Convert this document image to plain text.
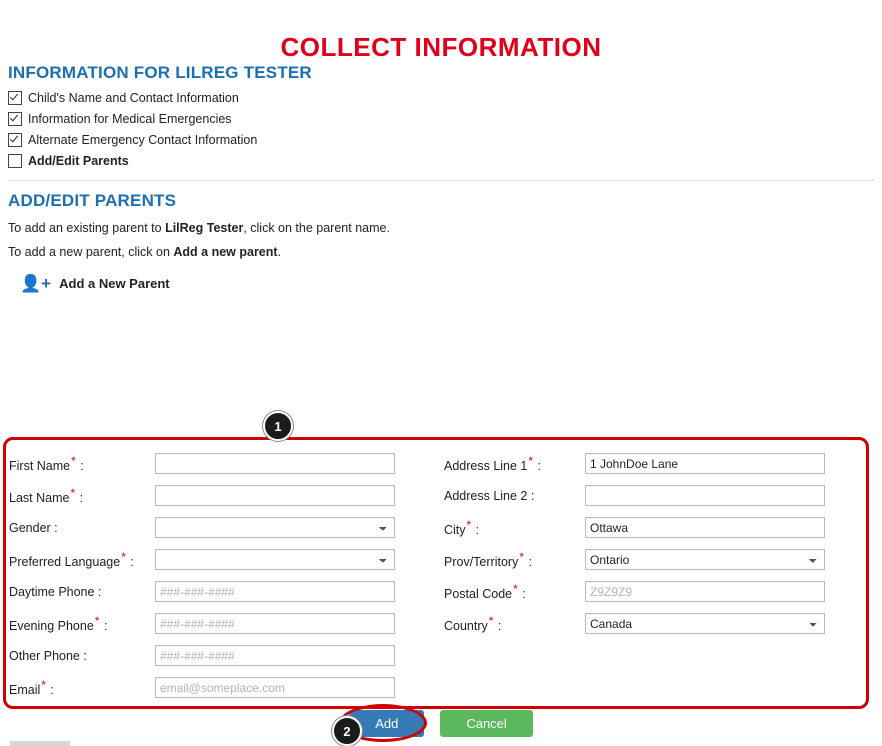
COLLECT INFORMATION
INFORMATION FOR LILREG TESTER
Child's Name and Contact Information
Information for Medical Emergencies
Alternate Emergency Contact Information
Add/Edit Parents
ADD/EDIT PARENTS
To add an existing parent to LilReg Tester, click on the parent name.
To add a new parent, click on Add a new parent.
👤+ Add a New Parent
1
First Name* :
Last Name* :
Gender :
Preferred Language* :
Daytime Phone :
###-###-####
Evening Phone* :
###-###-####
Other Phone :
###-###-####
Email* :
email@someplace.com
Address Line 1* :
1 JohnDoe Lane
Address Line 2 :
City* :
Ottawa
Prov/Territory* :
Ontario
Postal Code* :
Z9Z9Z9
Country* :
Canada
Add	Cancel
2
